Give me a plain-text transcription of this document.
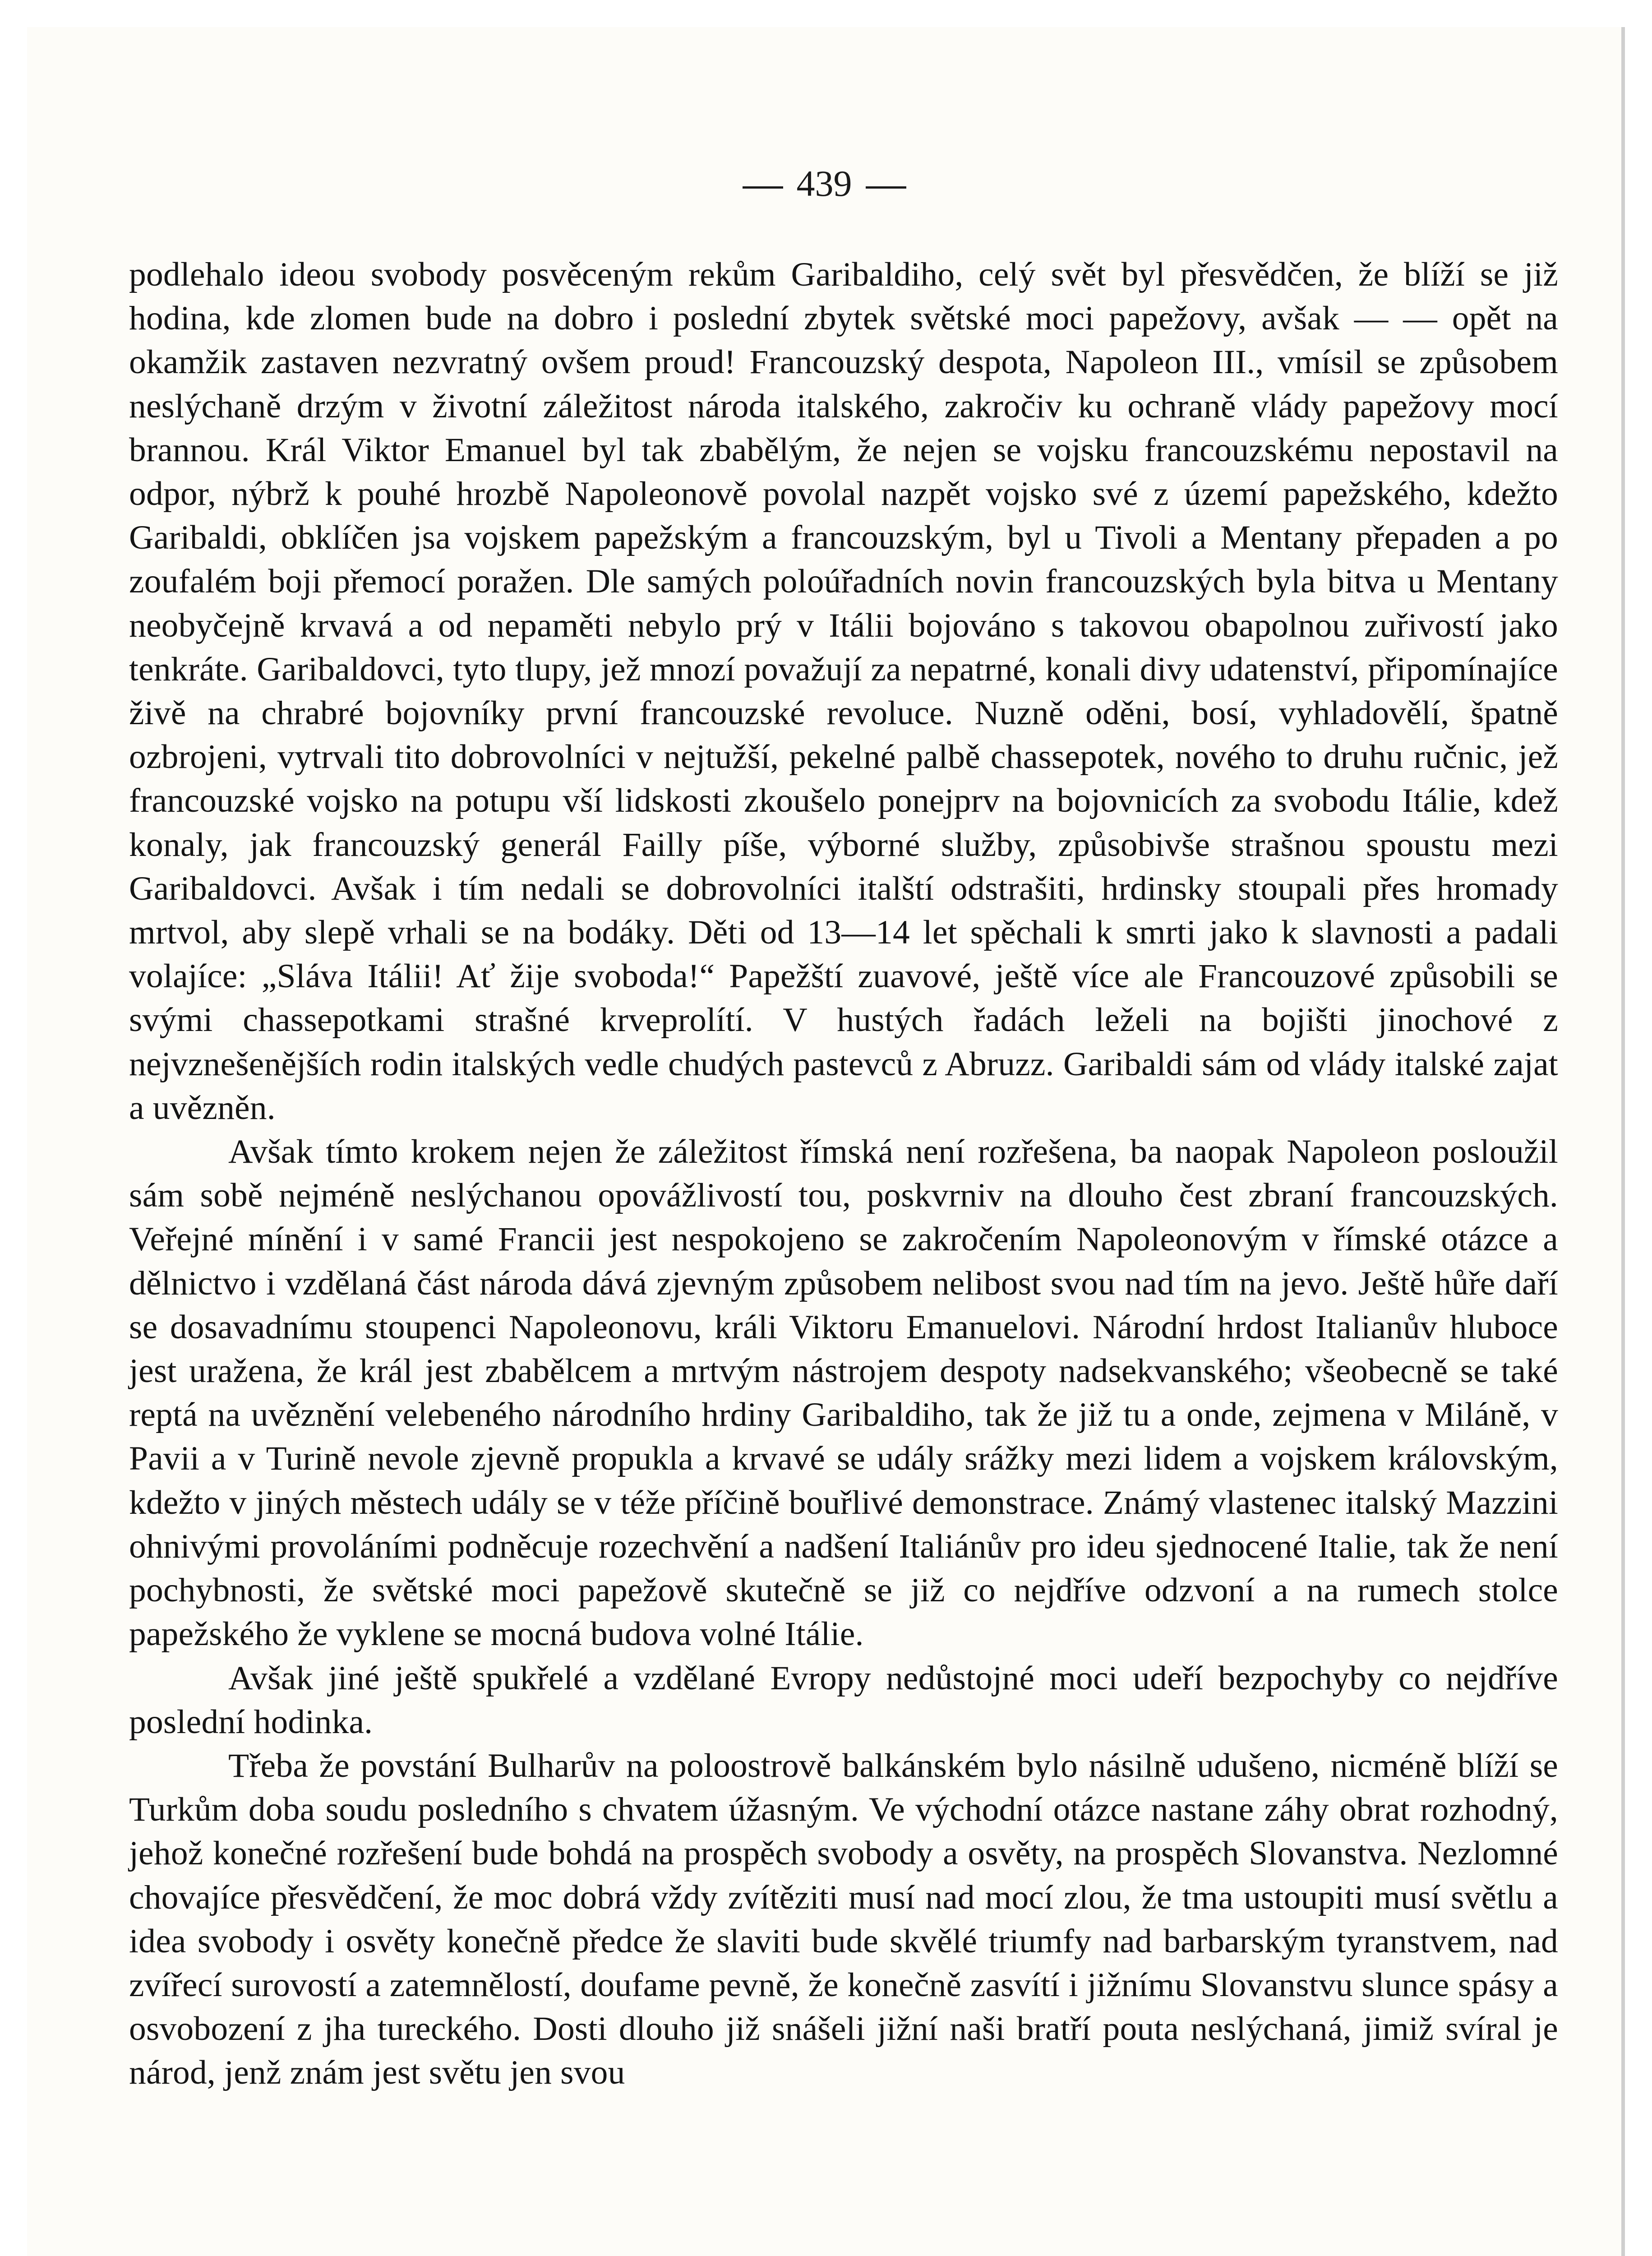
439

podlehalo ideou svobody posvěceným rekům Garibaldiho, celý svět byl přesvědčen, že blíží se již hodina, kde zlomen bude na dobro i poslední zbytek světské moci papežovy, avšak — — opět na okamžik zastaven nezvratný ovšem proud! Francouzský despota, Napoleon III., vmísil se způsobem neslýchaně drzým v životní záležitost národa italského, zakročiv ku ochraně vlády papežovy mocí brannou. Král Viktor Emanuel byl tak zbabělým, že nejen se vojsku francouzskému nepostavil na odpor, nýbrž k pouhé hrozbě Napoleonově povolal nazpět vojsko své z území papežského, kdežto Garibaldi, obklíčen jsa vojskem papežským a francouzským, byl u Tivoli a Mentany přepaden a po zoufalém boji přemocí poražen. Dle samých poloúřadních novin francouzských byla bitva u Mentany neobyčejně krvavá a od nepaměti nebylo prý v Itálii bojováno s takovou obapolnou zuřivostí jako tenkráte. Garibaldovci, tyto tlupy, jež mnozí považují za nepatrné, konali divy udatenství, připomínajíce živě na chrabré bojovníky první francouzské revoluce. Nuzně oděni, bosí, vyhladovělí, špatně ozbrojeni, vytrvali tito dobrovolníci v nejtužší, pekelné palbě chassepotek, nového to druhu ručnic, jež francouzské vojsko na potupu vší lidskosti zkoušelo ponejprv na bojovnicích za svobodu Itálie, kdež konaly, jak francouzský generál Failly píše, výborné služby, způsobivše strašnou spoustu mezi Garibaldovci. Avšak i tím nedali se dobrovolníci italští odstrašiti, hrdinsky stoupali přes hromady mrtvol, aby slepě vrhali se na bodáky. Děti od 13—14 let spěchali k smrti jako k slavnosti a padali volajíce: „Sláva Itálii! Ať žije svoboda!“ Papežští zuavové, ještě více ale Francouzové způsobili se svými chassepotkami strašné krveprolítí. V hustých řadách leželi na bojišti jinochové z nejvznešenějších rodin italských vedle chudých pastevců z Abruzz. Garibaldi sám od vlády italské zajat a uvězněn.

Avšak tímto krokem nejen že záležitost římská není rozřešena, ba naopak Napoleon posloužil sám sobě nejméně neslýchanou opovážlivostí tou, poskvrniv na dlouho čest zbraní francouzských. Veřejné mínění i v samé Francii jest nespokojeno se zakročením Napoleonovým v římské otázce a dělnictvo i vzdělaná část národa dává zjevným způsobem nelibost svou nad tím na jevo. Ještě hůře daří se dosavadnímu stoupenci Napoleonovu, králi Viktoru Emanuelovi. Národní hrdost Italianův hluboce jest uražena, že král jest zbabělcem a mrtvým nástrojem despoty nadsekvanského; všeobecně se také reptá na uvěznění velebeného národního hrdiny Garibaldiho, tak že již tu a onde, zejmena v Miláně, v Pavii a v Turině nevole zjevně propukla a krvavé se udály srážky mezi lidem a vojskem královským, kdežto v jiných městech udály se v téže příčině bouřlivé demonstrace. Známý vlastenec italský Mazzini ohnivými provoláními podněcuje rozechvění a nadšení Italiánův pro ideu sjednocené Italie, tak že není pochybnosti, že světské moci papežově skutečně se již co nejdříve odzvoní a na rumech stolce papežského že vyklene se mocná budova volné Itálie.

Avšak jiné ještě spukřelé a vzdělané Evropy nedůstojné moci udeří bezpochyby co nejdříve poslední hodinka.

Třeba že povstání Bulharův na poloostrově balkánském bylo násilně udušeno, nicméně blíží se Turkům doba soudu posledního s chvatem úžasným. Ve východní otázce nastane záhy obrat rozhodný, jehož konečné rozřešení bude bohdá na prospěch svobody a osvěty, na prospěch Slovanstva. Nezlomné chovajíce přesvědčení, že moc dobrá vždy zvítěziti musí nad mocí zlou, že tma ustoupiti musí světlu a idea svobody i osvěty konečně předce že slaviti bude skvělé triumfy nad barbarským tyranstvem, nad zvířecí surovostí a zatemnělostí, doufame pevně, že konečně zasvítí i jižnímu Slovanstvu slunce spásy a osvobození z jha tureckého. Dosti dlouho již snášeli jižní naši bratří pouta neslýchaná, jimiž svíral je národ, jenž znám jest světu jen svou
